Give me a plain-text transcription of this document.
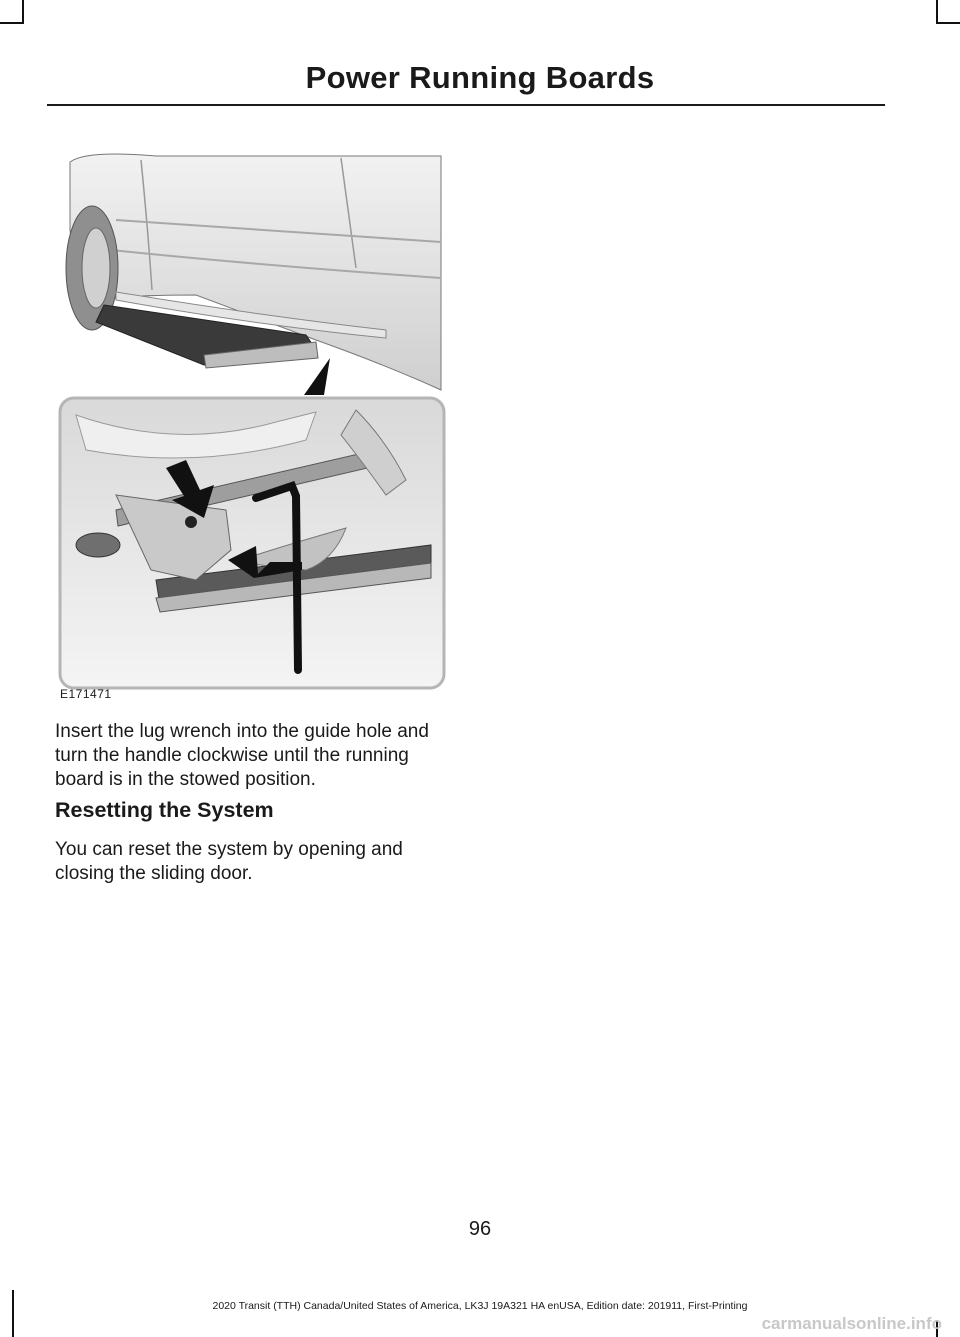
Power Running Boards
E171471

Insert the lug wrench into the guide hole and turn the handle clockwise until the running board is in the stowed position.

Resetting the System

You can reset the system by opening and closing the sliding door.

96
2020 Transit (TTH) Canada/United States of America, LK3J 19A321 HA enUSA, Edition date: 201911, First-Printing
carmanualsonline.info
